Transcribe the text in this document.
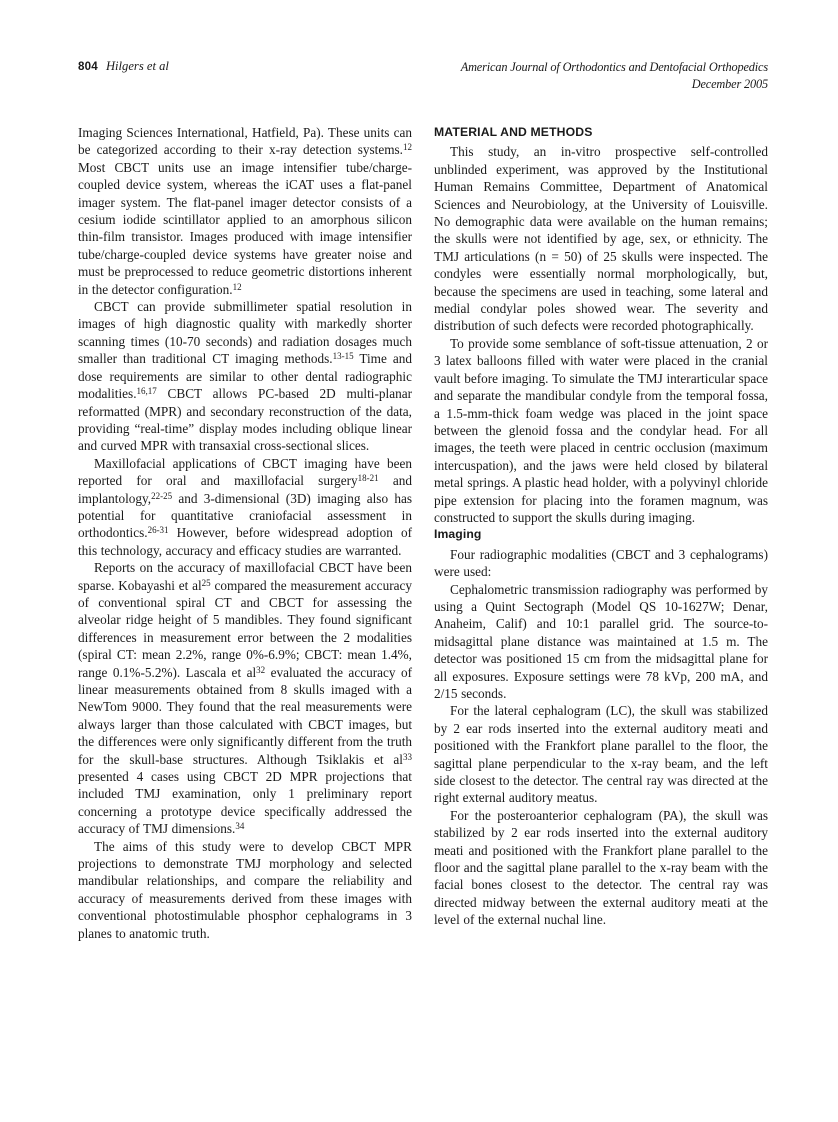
804 Hilgers et al	American Journal of Orthodontics and Dentofacial Orthopedics
December 2005

Imaging Sciences International, Hatfield, Pa). These units can be categorized according to their x-ray detection systems.$^{12}$ Most CBCT units use an image intensifier tube/charge-coupled device system, whereas the iCAT uses a flat-panel imager system. The flat-panel imager detector consists of a cesium iodide scintillator applied to an amorphous silicon thin-film transistor. Images produced with image intensifier tube/charge-coupled device systems have greater noise and must be preprocessed to reduce geometric distortions inherent in the detector configuration.$^{12}$

CBCT can provide submillimeter spatial resolution in images of high diagnostic quality with markedly shorter scanning times (10-70 seconds) and radiation dosages much smaller than traditional CT imaging methods.$^{13-15}$ Time and dose requirements are similar to other dental radiographic modalities.$^{16,17}$ CBCT allows PC-based 2D multi-planar reformatted (MPR) and secondary reconstruction of the data, providing “real-time” display modes including oblique linear and curved MPR with transaxial cross-sectional slices.

Maxillofacial applications of CBCT imaging have been reported for oral and maxillofacial surgery$^{18-21}$ and implantology,$^{22-25}$ and 3-dimensional (3D) imaging also has potential for quantitative craniofacial assessment in orthodontics.$^{26-31}$ However, before widespread adoption of this technology, accuracy and efficacy studies are warranted.

Reports on the accuracy of maxillofacial CBCT have been sparse. Kobayashi et $al^{25}$ compared the measurement accuracy of conventional spiral CT and CBCT for assessing the alveolar ridge height of 5 mandibles. They found significant differences in measurement error between the 2 modalities (spiral CT: mean 2.2%, range 0%-6.9%; CBCT: mean 1.4%, range 0.1%-5.2%). Lascala et $al^{32}$ evaluated the accuracy of linear measurements obtained from 8 skulls imaged with a NewTom 9000. They found that the real measurements were always larger than those calculated with CBCT images, but the differences were only significantly different from the truth for the skull-base structures. Although Tsiklakis et $al^{33}$ presented 4 cases using CBCT 2D MPR projections that included TMJ examination, only 1 preliminary report concerning a prototype device specifically addressed the accuracy of TMJ dimensions.$^{34}$

The aims of this study were to develop CBCT MPR projections to demonstrate TMJ morphology and selected mandibular relationships, and compare the reliability and accuracy of measurements derived from these images with conventional photostimulable phosphor cephalograms in 3 planes to anatomic truth.

MATERIAL AND METHODS

This study, an in-vitro prospective self-controlled unblinded experiment, was approved by the Institutional Human Remains Committee, Department of Anatomical Sciences and Neurobiology, at the University of Louisville. No demographic data were available on the human remains; the skulls were not identified by age, sex, or ethnicity. The TMJ articulations (n = 50) of 25 skulls were inspected. The condyles were essentially normal morphologically, but, because the specimens are used in teaching, some lateral and medial condylar poles showed wear. The severity and distribution of such defects were recorded photographically.

To provide some semblance of soft-tissue attenuation, 2 or 3 latex balloons filled with water were placed in the cranial vault before imaging. To simulate the TMJ interarticular space and separate the mandibular condyle from the temporal fossa, a 1.5-mm-thick foam wedge was placed in the joint space between the glenoid fossa and the condylar head. For all images, the teeth were placed in centric occlusion (maximum intercuspation), and the jaws were held closed by bilateral metal springs. A plastic head holder, with a polyvinyl chloride pipe extension for placing into the foramen magnum, was constructed to support the skulls during imaging.

Imaging

Four radiographic modalities (CBCT and 3 cephalograms) were used:

Cephalometric transmission radiography was performed by using a Quint Sectograph (Model QS 10-1627W; Denar, Anaheim, Calif) and 10:1 parallel grid. The source-to-midsagittal plane distance was maintained at 1.5 m. The detector was positioned 15 cm from the midsagittal plane for all exposures. Exposure settings were 78 kVp, 200 mA, and 2/15 seconds.

For the lateral cephalogram (LC), the skull was stabilized by 2 ear rods inserted into the external auditory meati and positioned with the Frankfort plane parallel to the floor, the sagittal plane perpendicular to the x-ray beam, and the left side closest to the detector. The central ray was directed at the right external auditory meatus.

For the posteroanterior cephalogram (PA), the skull was stabilized by 2 ear rods inserted into the external auditory meati and positioned with the Frankfort plane parallel to the floor and the sagittal plane parallel to the x-ray beam with the facial bones closest to the detector. The central ray was directed midway between the external auditory meati at the level of the external nuchal line.
